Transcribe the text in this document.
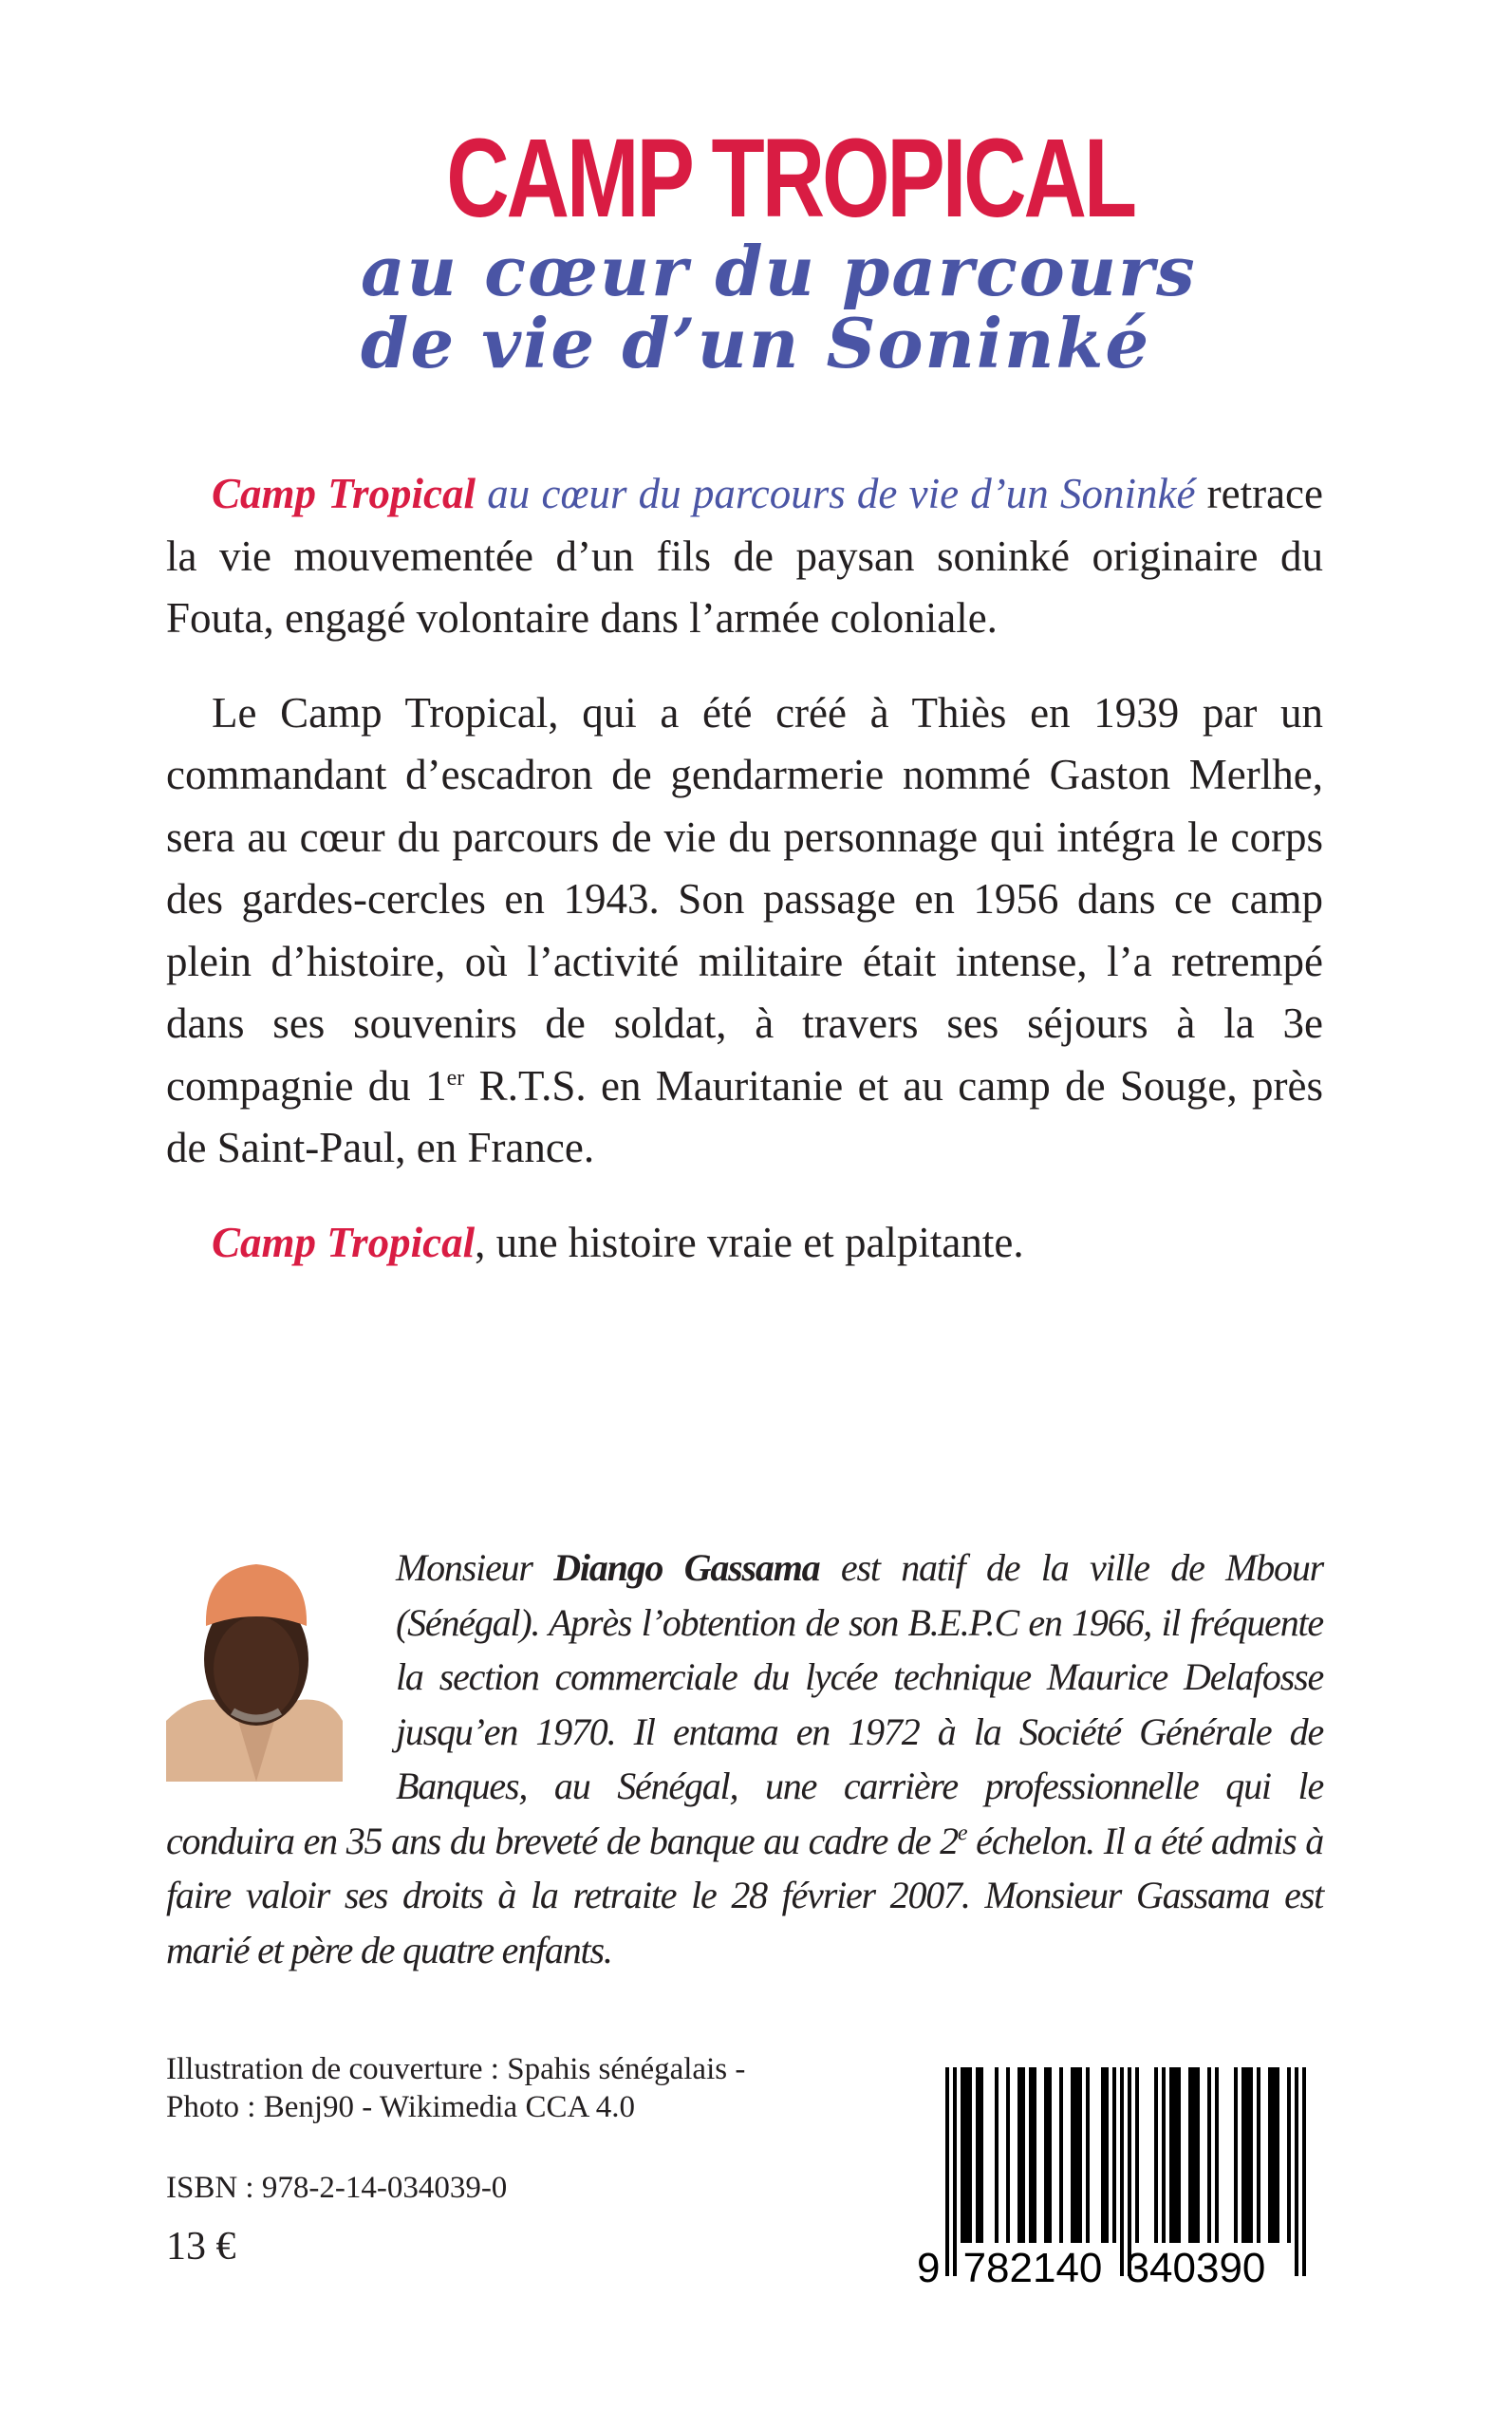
CAMP TROPICAL
au cœur du parcours
de vie d’un Soninké

Camp Tropical au cœur du parcours de vie d’un Soninké retrace la vie mouvementée d’un fils de paysan soninké originaire du Fouta, engagé volontaire dans l’armée coloniale.

Le Camp Tropical, qui a été créé à Thiès en 1939 par un commandant d’escadron de gendarmerie nommé Gaston Merlhe, sera au cœur du parcours de vie du personnage qui intégra le corps des gardes-cercles en 1943. Son passage en 1956 dans ce camp plein d’histoire, où l’activité militaire était intense, l’a retrempé dans ses souvenirs de soldat, à travers ses séjours à la 3e compagnie du 1er R.T.S. en Mauritanie et au camp de Souge, près de Saint-Paul, en France.

Camp Tropical, une histoire vraie et palpitante.

Monsieur Diango Gassama est natif de la ville de Mbour (Sénégal). Après l’obtention de son B.E.P.C en 1966, il fréquente la section commerciale du lycée technique Maurice Delafosse jusqu’en 1970. Il entama en 1972 à la Société Générale de Banques, au Sénégal, une carrière professionnelle qui le conduira en 35 ans du breveté de banque au cadre de 2e échelon. Il a été admis à faire valoir ses droits à la retraite le 28 février 2007. Monsieur Gassama est marié et père de quatre enfants.
Illustration de couverture : Spahis sénégalais -
Photo : Benj90 - Wikimedia CCA 4.0
ISBN : 978-2-14-034039-0
13 €	9 782140 340390
